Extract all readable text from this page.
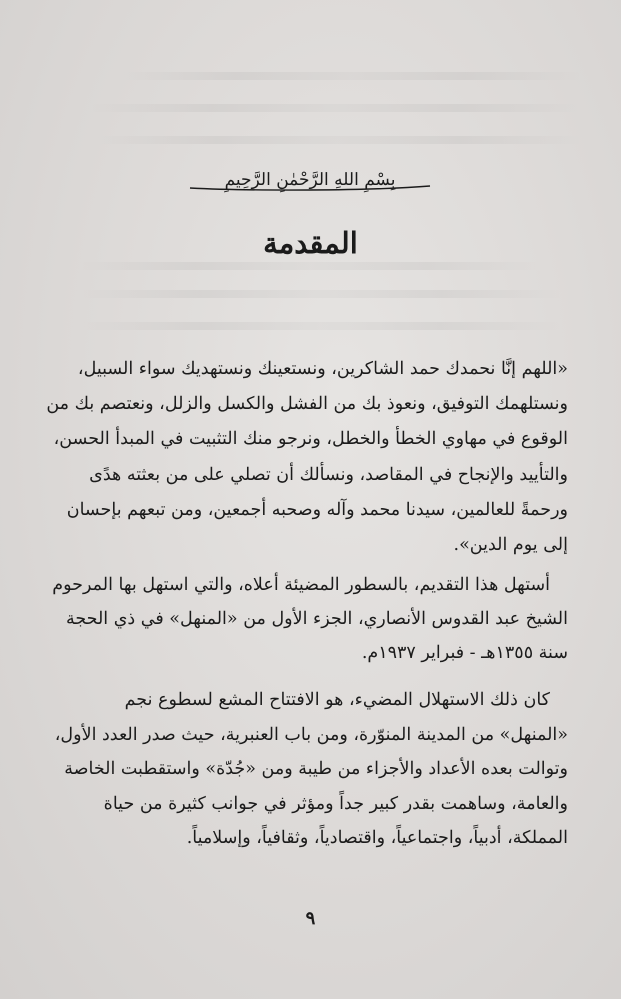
بِسْمِ اللهِ الرَّحْمٰنِ الرَّحِيمِ
المقدمة
«اللهم إنَّا نحمدك حمد الشاكرين، ونستعينك ونستهديك سواء السبيل،
ونستلهمك التوفيق، ونعوذ بك من الفشل والكسل والزلل، ونعتصم بك من
الوقوع في مهاوي الخطأ والخطل، ونرجو منك التثبيت في المبدأ الحسن،
والتأييد والإنجاح في المقاصد، ونسألك أن تصلي على من بعثته هدًى
ورحمةً للعالمين، سيدنا محمد وآله وصحبه أجمعين، ومن تبعهم بإحسان
إلى يوم الدين».
أستهل هذا التقديم، بالسطور المضيئة أعلاه، والتي استهل بها المرحوم
الشيخ عبد القدوس الأنصاري، الجزء الأول من «المنهل» في ذي الحجة
سنة ١٣٥٥هـ - فبراير ١٩٣٧م.
كان ذلك الاستهلال المضيء، هو الافتتاح المشع لسطوع نجم
«المنهل» من المدينة المنوّرة، ومن باب العنبرية، حيث صدر العدد الأول،
وتوالت بعده الأعداد والأجزاء من طيبة ومن «جُدّة» واستقطبت الخاصة
والعامة، وساهمت بقدر كبير جداً ومؤثر في جوانب كثيرة من حياة
المملكة، أدبياً، واجتماعياً، واقتصادياً، وثقافياً، وإسلامياً.
٩
